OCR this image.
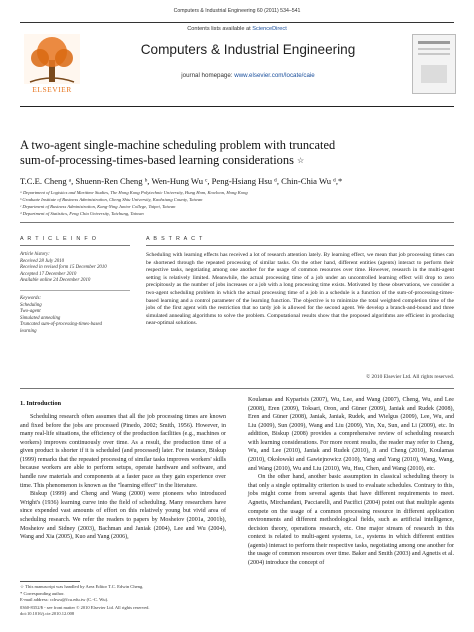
Computers & Industrial Engineering 60 (2011) 534–541
Contents lists available at ScienceDirect
ELSEVIER
Computers & Industrial Engineering
journal homepage: www.elsevier.com/locate/caie
A two-agent single-machine scheduling problem with truncated
sum-of-processing-times-based learning considerations ☆
T.C.E. Cheng ᵃ, Shuenn-Ren Cheng ᵇ, Wen-Hung Wu ᶜ, Peng-Hsiang Hsu ᵈ, Chin-Chia Wu ᵈ,*
ᵃ Department of Logistics and Maritime Studies, The Hong Kong Polytechnic University, Hung Hom, Kowloon, Hong Kong
ᵇ Graduate Institute of Business Administration, Cheng Shiu University, Kaohsiung County, Taiwan
ᶜ Department of Business Administration, Kang-Ning Junior College, Taipei, Taiwan
ᵈ Department of Statistics, Feng Chia University, Taichung, Taiwan
A R T I C L E I N F O	A B S T R A C T
Article history:
Received 28 July 2010
Received in revised form 15 December 2010
Accepted 17 December 2010
Available online 24 December 2010
Keywords:
Scheduling
Two-agent
Simulated annealing
Truncated sum-of-processing-times-based
learning

Scheduling with learning effects has received a lot of research attention lately. By learning effect, we mean that job processing times can be shortened through the repeated processing of similar tasks. On the other hand, different entities (agents) interact to perform their respective tasks, negotiating among one another for the usage of common resources over time. However, research in the multi-agent setting is relatively limited. Meanwhile, the actual processing time of a job under an uncontrolled learning effect will drop to zero precipitously as the number of jobs increases or a job with a long processing time exists. Motivated by these observations, we consider a two-agent scheduling problem in which the actual processing time of a job in a schedule is a function of the sum-of-processing-times-based learning and a control parameter of the learning function. The objective is to minimize the total weighted completion time of the jobs of the first agent with the restriction that no tardy job is allowed for the second agent. We develop a branch-and-bound and three simulated annealing algorithms to solve the problem. Computational results show that the proposed algorithms are efficient in producing near-optimal solutions.

© 2010 Elsevier Ltd. All rights reserved.
1. Introduction

Scheduling research often assumes that all the job processing times are known and fixed before the jobs are processed (Pinedo, 2002; Smith, 1956). However, in many real-life situations, the efficiency of the production facilities (e.g., machines or workers) improves continuously over time. As a result, the production time of a given product is shorter if it is scheduled (and processed) later. For instance, Biskup (1999) remarks that the repeated processing of similar tasks improves workers' skills because workers are able to perform setups, operate hardware and software, and handle raw materials and components at a faster pace as they gain experience over time. This phenomenon is known as the "learning effect" in the literature.

Biskup (1999) and Cheng and Wang (2000) were pioneers who introduced Wright's (1936) learning curve into the field of scheduling. Many researchers have since expended vast amounts of effort on this relatively young but vivid area of scheduling research. We refer the readers to papers by Mosheiov (2001a, 2001b), Mosheiov and Sidney (2003), Bachman and Janiak (2004), Lee and Wu (2004), Wang and Xia (2005), Kuo and Yang (2006),

☆ This manuscript was handled by Area Editor T.C. Edwin Cheng.
* Corresponding author.
E-mail address: cchwu@fcu.edu.tw (C.-C. Wu).
0360-8352/$ - see front matter © 2010 Elsevier Ltd. All rights reserved.
doi:10.1016/j.cie.2010.12.008

Koulamas and Kyparisis (2007), Wu, Lee, and Wang (2007), Cheng, Wu, and Lee (2008), Eren (2009), Toksari, Oron, and Güner (2009), Janiak and Rudek (2008), Eren and Güner (2008), Janiak, Janiak, Rudek, and Wielgus (2009), Lee, Wu, and Liu (2009), Sun (2009), Wang and Liu (2009), Yin, Xu, Sun, and Li (2009), etc. In addition, Biskup (2008) provides a comprehensive review of scheduling research with learning considerations. For more recent results, the reader may refer to Cheng, Wu, and Lee (2010), Janiak and Rudek (2010), Ji and Cheng (2010), Koulamas (2010), Okołowski and Gawiejnowicz (2010), Yang and Yang (2010), Wang, Wang, and Wang (2010), Wu and Liu (2010), Wu, Hsu, Chen, and Wang (2010), etc.

On the other hand, another basic assumption in classical scheduling theory is that only a single optimality criterion is used to evaluate schedules. Contrary to this, jobs might come from several agents that have different requirements to meet. Agnetis, Mirchandani, Pacciarelli, and Pacifici (2004) point out that multiple agents compete on the usage of a common processing resource in different application environments and different methodological fields, such as artificial intelligence, decision theory, operations research, etc. One major stream of research in this context is related to multi-agent systems, i.e., systems in which different entities (agents) interact to perform their respective tasks, negotiating among one another for the usage of common resources over time. Baker and Smith (2003) and Agnetis et al. (2004) introduce the concept of
